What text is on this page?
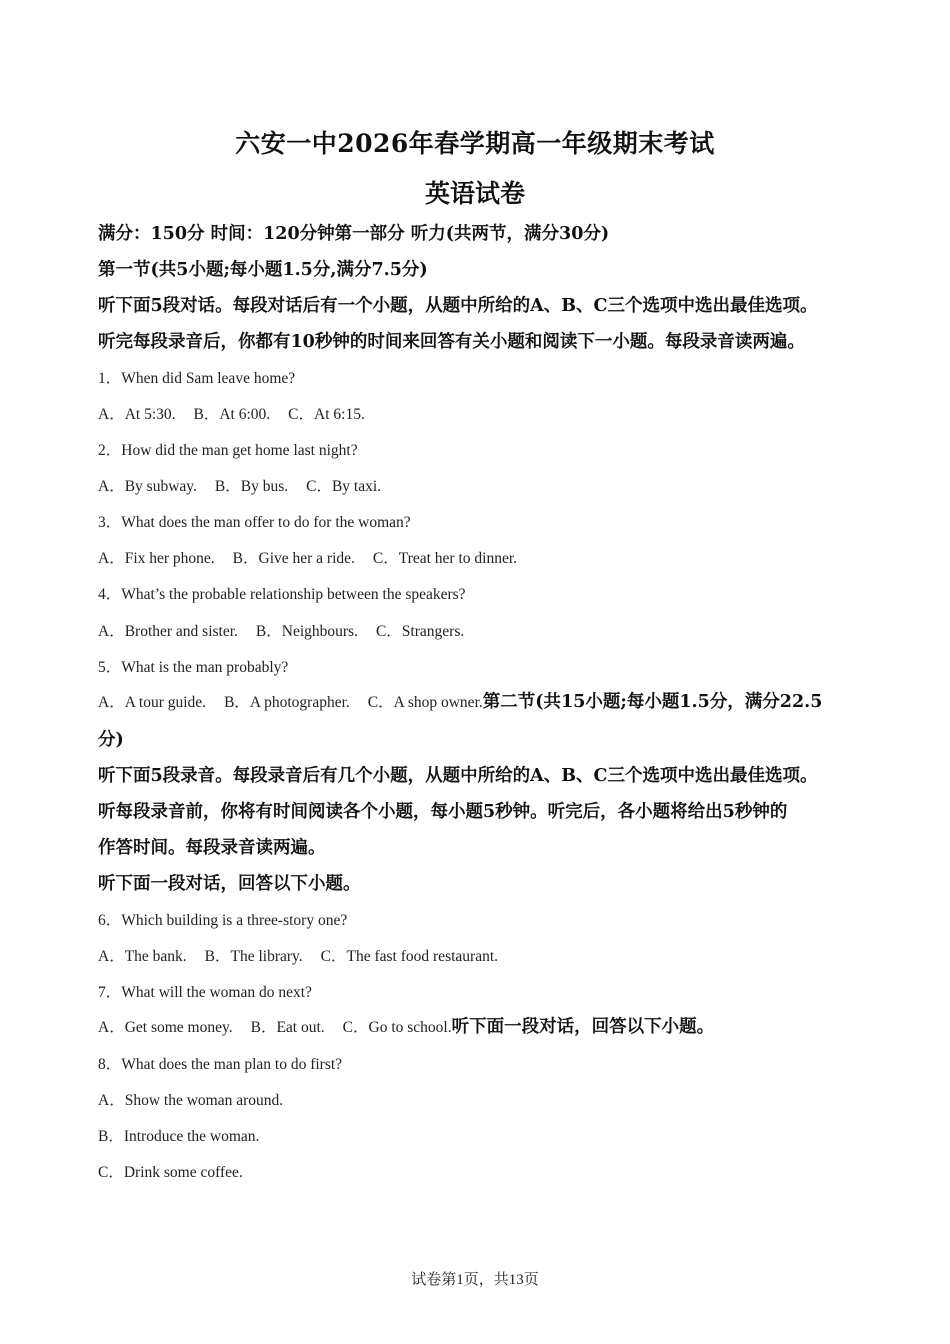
六安一中2026年春学期高一年级期末考试
英语试卷
满分：150分 时间：120分钟第一部分 听力(共两节，满分30分)
第一节(共5小题;每小题1.5分,满分7.5分)
听下面5段对话。每段对话后有一个小题，从题中所给的A、B、C三个选项中选出最佳选项。
听完每段录音后，你都有10秒钟的时间来回答有关小题和阅读下一小题。每段录音读两遍。
1．When did Sam leave home?
A．At 5:30. B．At 6:00. C．At 6:15.
2．How did the man get home last night?
A．By subway. B．By bus. C．By taxi.
3．What does the man offer to do for the woman?
A．Fix her phone. B．Give her a ride. C．Treat her to dinner.
4．What’s the probable relationship between the speakers?
A．Brother and sister. B．Neighbours. C．Strangers.
5．What is the man probably?
A．A tour guide. B．A photographer. C．A shop owner.第二节(共15小题;每小题1.5分，满分22.5
分)
听下面5段录音。每段录音后有几个小题，从题中所给的A、B、C三个选项中选出最佳选项。
听每段录音前，你将有时间阅读各个小题，每小题5秒钟。听完后，各小题将给出5秒钟的
作答时间。每段录音读两遍。
听下面一段对话，回答以下小题。
6．Which building is a three-story one?
A．The bank. B．The library. C．The fast food restaurant.
7．What will the woman do next?
A．Get some money. B．Eat out. C．Go to school.听下面一段对话，回答以下小题。
8．What does the man plan to do first?
A．Show the woman around.
B．Introduce the woman.
C．Drink some coffee.
试卷第1页，共13页
